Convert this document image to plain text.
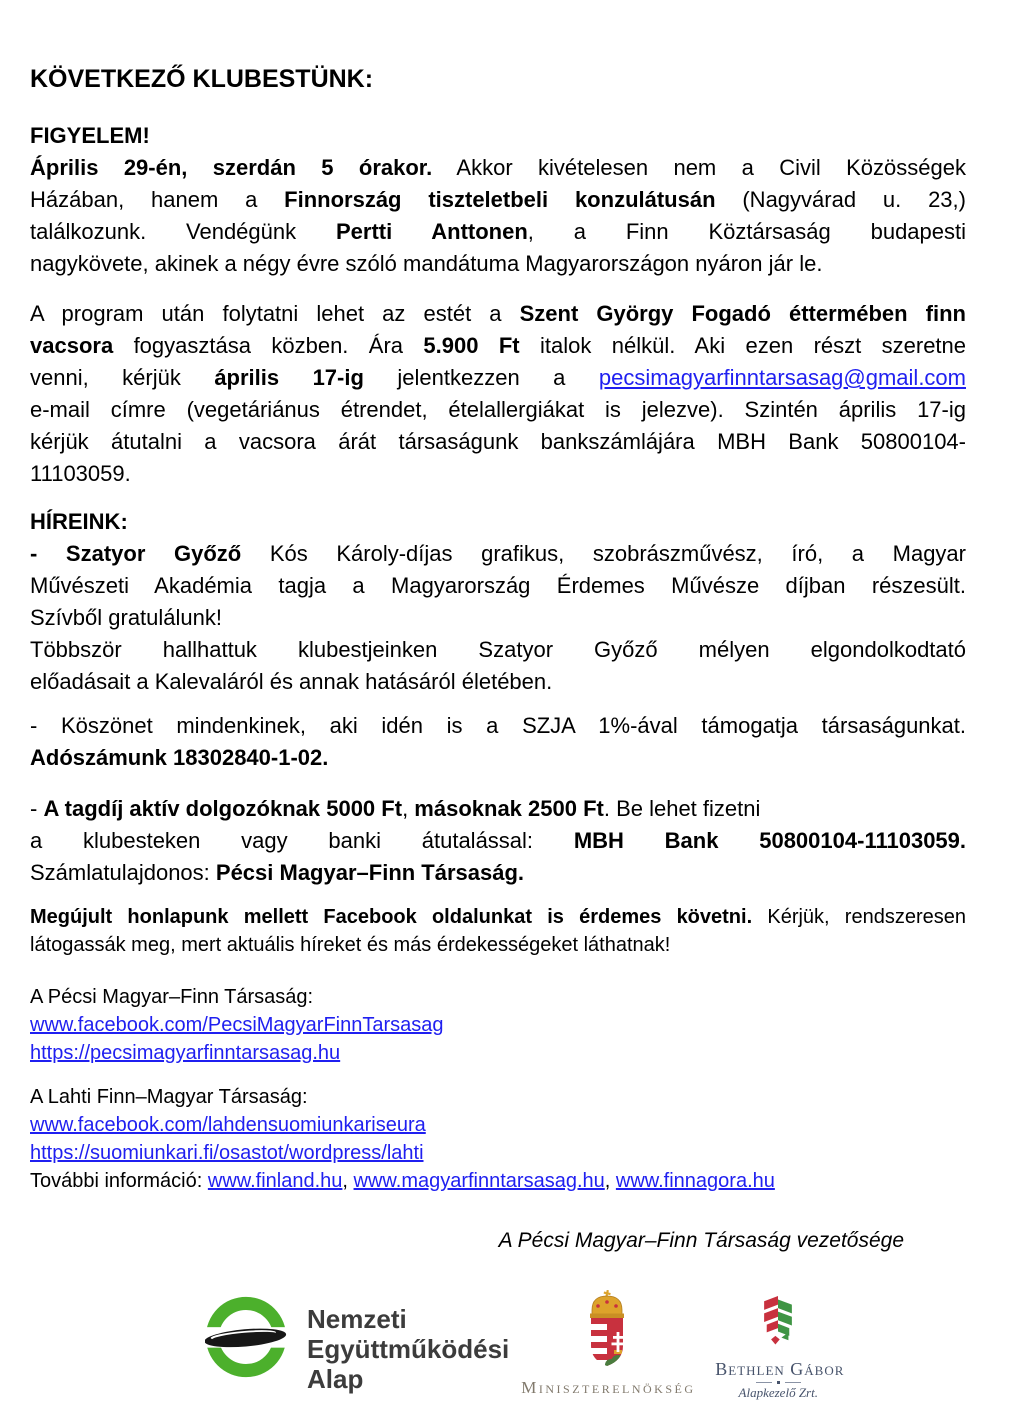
KÖVETKEZŐ KLUBESTÜNK:
FIGYELEM!
Április 29-én, szerdán 5 órakor. Akkor kivételesen nem a Civil Közösségek
Házában, hanem a Finnország tiszteletbeli konzulátusán (Nagyvárad u. 23,)
találkozunk. Vendégünk Pertti Anttonen, a Finn Köztársaság budapesti
nagykövete, akinek a négy évre szóló mandátuma Magyarországon nyáron jár le.
A program után folytatni lehet az estét a Szent György Fogadó éttermében finn
vacsora fogyasztása közben. Ára 5.900 Ft italok nélkül. Aki ezen részt szeretne
venni, kérjük április 17-ig jelentkezzen a pecsimagyarfinntarsasag@gmail.com
e-mail címre (vegetáriánus étrendet, ételallergiákat is jelezve). Szintén április 17-ig
kérjük átutalni a vacsora árát társaságunk bankszámlájára MBH Bank 50800104-
11103059.
HÍREINK:
- Szatyor Győző Kós Károly-díjas grafikus, szobrászművész, író, a Magyar
Művészeti Akadémia tagja a Magyarország Érdemes Művésze díjban részesült.
Szívből gratulálunk!
Többször hallhattuk klubestjeinken Szatyor Győző mélyen elgondolkodtató
előadásait a Kalevaláról és annak hatásáról életében.
- Köszönet mindenkinek, aki idén is a SZJA 1%-ával támogatja társaságunkat.
Adószámunk 18302840-1-02.
- A tagdíj aktív dolgozóknak 5000 Ft, másoknak 2500 Ft. Be lehet fizetni
a klubesteken vagy banki átutalással: MBH Bank 50800104-11103059.
Számlatulajdonos: Pécsi Magyar–Finn Társaság.
Megújult honlapunk mellett Facebook oldalunkat is érdemes követni. Kérjük, rendszeresen
látogassák meg, mert aktuális híreket és más érdekességeket láthatnak!
A Pécsi Magyar–Finn Társaság:
www.facebook.com/PecsiMagyarFinnTarsasag
https://pecsimagyarfinntarsasag.hu
A Lahti Finn–Magyar Társaság:
www.facebook.com/lahdensuomiunkariseura
https://suomiunkari.fi/osastot/wordpress/lahti
További információ: www.finland.hu, www.magyarfinntarsasag.hu, www.finnagora.hu
A Pécsi Magyar–Finn Társaság vezetősége
Nemzeti
Együttműködési
Alap	Miniszterelnökség
Bethlen Gábor
Alapkezelő Zrt.
